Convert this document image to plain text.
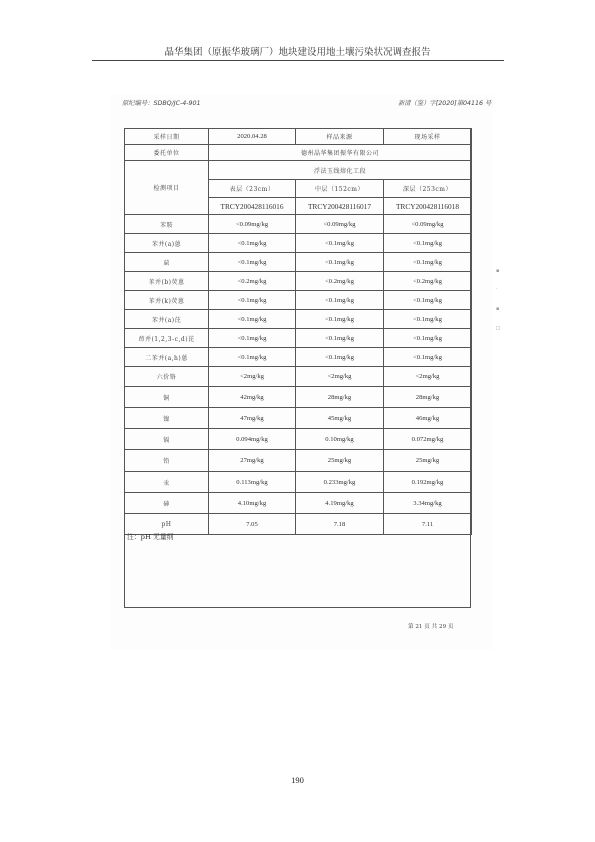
晶华集团（原振华玻璃厂）地块建设用地土壤污染状况调查报告
原纪编号：SDBQ/JC-4-901	新清（鉴）字[2020]第04116 号
采样日期	2020.04.28	样品来源	现场采样
委托单位	德州晶华集团振华有限公司		
检测项目	浮法玉线熔化工段		
	表层（23cm）	中层（152cm）	深层（253cm）
	TRCY200428116016	TRCY200428116017	TRCY200428116018
苯胺	<0.09mg/kg	<0.09mg/kg	<0.09mg/kg
苯并(a)蒽	<0.1mg/kg	<0.1mg/kg	<0.1mg/kg
䓛	<0.1mg/kg	<0.1mg/kg	<0.1mg/kg
苯并(b)荧蒽	<0.2mg/kg	<0.2mg/kg	<0.2mg/kg
苯并(k)荧蒽	<0.1mg/kg	<0.1mg/kg	<0.1mg/kg
苯并(a)芘	<0.1mg/kg	<0.1mg/kg	<0.1mg/kg
茚并(1,2,3-c,d)芘	<0.1mg/kg	<0.1mg/kg	<0.1mg/kg
二苯并(a,h)蒽	<0.1mg/kg	<0.1mg/kg	<0.1mg/kg
六价铬	<2mg/kg	<2mg/kg	<2mg/kg
铜	42mg/kg	28mg/kg	28mg/kg
镍	47mg/kg	45mg/kg	46mg/kg
镉	0.094mg/kg	0.10mg/kg	0.072mg/kg
铅	27mg/kg	25mg/kg	25mg/kg
汞	0.113mg/kg	0.233mg/kg	0.192mg/kg
砷	4.10mg/kg	4.19mg/kg	3.34mg/kg
pH	7.05	7.18	7.11
注：pH 无量纲
第 21 页 共 29 页
▪
·
▪
☐
190
